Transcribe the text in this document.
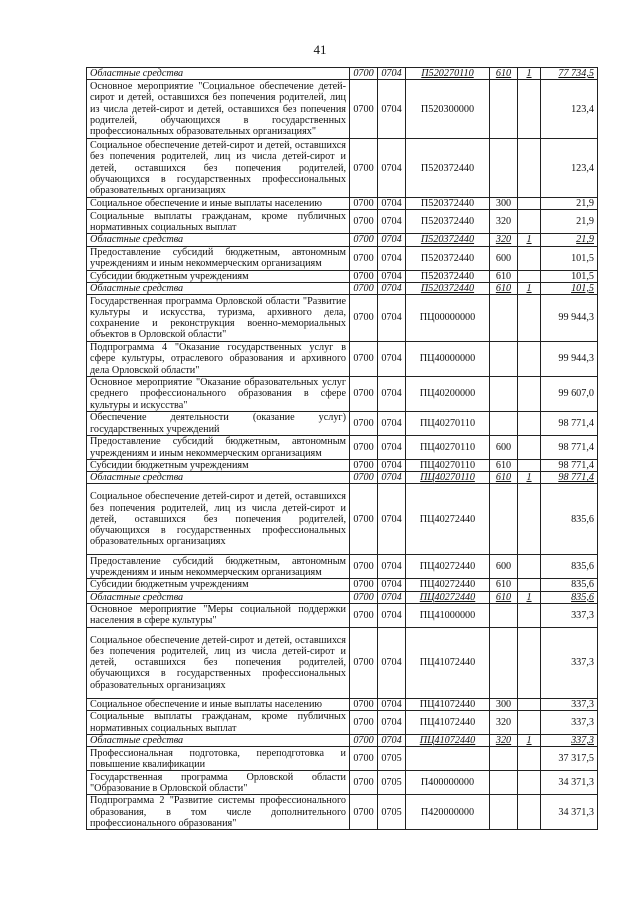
41
Областные средства	0700	0704	П520270110	610	1	77 734,5
Основное мероприятие "Социальное обеспечение детей-сирот и детей, оставшихся без попечения родителей, лиц из числа детей-сирот и детей, оставшихся без попечения родителей, обучающихся в государственных профессиональных образовательных организациях"	0700	0704	П520300000			123,4
Социальное обеспечение детей-сирот и детей, оставшихся без попечения родителей, лиц из числа детей-сирот и детей, оставшихся без попечения родителей, обучающихся в государственных профессиональных образовательных организациях	0700	0704	П520372440			123,4
Социальное обеспечение и иные выплаты населению	0700	0704	П520372440	300		21,9
Социальные выплаты гражданам, кроме публичных нормативных социальных выплат	0700	0704	П520372440	320		21,9
Областные средства	0700	0704	П520372440	320	1	21,9
Предоставление субсидий бюджетным, автономным учреждениям и иным некоммерческим организациям	0700	0704	П520372440	600		101,5
Субсидии бюджетным учреждениям	0700	0704	П520372440	610		101,5
Областные средства	0700	0704	П520372440	610	1	101,5
Государственная программа Орловской области "Развитие культуры и искусства, туризма, архивного дела, сохранение и реконструкция военно-мемориальных объектов в Орловской области"	0700	0704	ПЦ00000000			99 944,3
Подпрограмма 4 "Оказание государственных услуг в сфере культуры, отраслевого образования и архивного дела Орловской области"	0700	0704	ПЦ40000000			99 944,3
Основное мероприятие "Оказание образовательных услуг среднего профессионального образования в сфере культуры и искусства"	0700	0704	ПЦ40200000			99 607,0
Обеспечение деятельности (оказание услуг) государственных учреждений	0700	0704	ПЦ40270110			98 771,4
Предоставление субсидий бюджетным, автономным учреждениям и иным некоммерческим организациям	0700	0704	ПЦ40270110	600		98 771,4
Субсидии бюджетным учреждениям	0700	0704	ПЦ40270110	610		98 771,4
Областные средства	0700	0704	ПЦ40270110	610	1	98 771,4
Социальное обеспечение детей-сирот и детей, оставшихся без попечения родителей, лиц из числа детей-сирот и детей, оставшихся без попечения родителей, обучающихся в государственных профессиональных образовательных организациях	0700	0704	ПЦ40272440			835,6
Предоставление субсидий бюджетным, автономным учреждениям и иным некоммерческим организациям	0700	0704	ПЦ40272440	600		835,6
Субсидии бюджетным учреждениям	0700	0704	ПЦ40272440	610		835,6
Областные средства	0700	0704	ПЦ40272440	610	1	835,6
Основное мероприятие "Меры социальной поддержки населения в сфере культуры"	0700	0704	ПЦ41000000			337,3
Социальное обеспечение детей-сирот и детей, оставшихся без попечения родителей, лиц из числа детей-сирот и детей, оставшихся без попечения родителей, обучающихся в государственных профессиональных образовательных организациях	0700	0704	ПЦ41072440			337,3
Социальное обеспечение и иные выплаты населению	0700	0704	ПЦ41072440	300		337,3
Социальные выплаты гражданам, кроме публичных нормативных социальных выплат	0700	0704	ПЦ41072440	320		337,3
Областные средства	0700	0704	ПЦ41072440	320	1	337,3
Профессиональная подготовка, переподготовка и повышение квалификации	0700	0705				37 317,5
Государственная программа Орловской области "Образование в Орловской области"	0700	0705	П400000000			34 371,3
Подпрограмма 2 "Развитие системы профессионального образования, в том числе дополнительного профессионального образования"	0700	0705	П420000000			34 371,3
